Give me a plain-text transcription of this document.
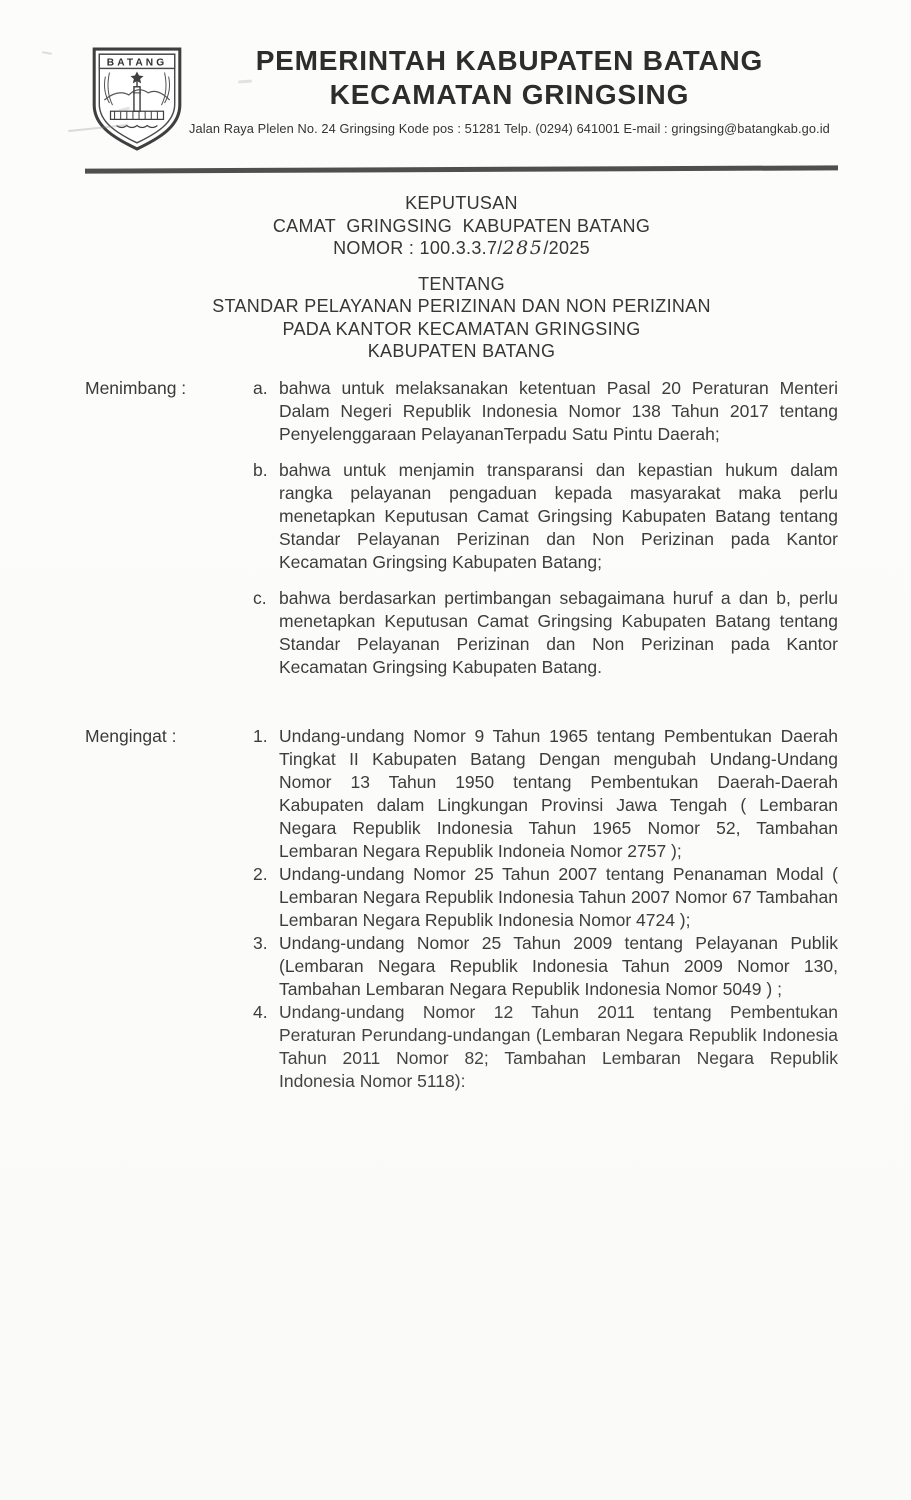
BATANG	PEMERINTAH KABUPATEN BATANG
KECAMATAN GRINGSING
Jalan Raya Plelen No. 24 Gringsing Kode pos : 51281 Telp. (0294) 641001 E-mail : gringsing@batangkab.go.id
KEPUTUSAN
CAMAT  GRINGSING  KABUPATEN BATANG
NOMOR : 100.3.3.7/285/2025
TENTANG
STANDAR PELAYANAN PERIZINAN DAN NON PERIZINAN
PADA KANTOR KECAMATAN GRINGSING
KABUPATEN BATANG
Menimbang :	a. bahwa untuk melaksanakan ketentuan Pasal 20 Peraturan Menteri Dalam Negeri Republik Indonesia Nomor 138 Tahun 2017 tentang Penyelenggaraan PelayananTerpadu Satu Pintu Daerah;
b. bahwa untuk menjamin transparansi dan kepastian hukum dalam rangka pelayanan pengaduan kepada masyarakat maka perlu menetapkan Keputusan Camat Gringsing Kabupaten Batang tentang Standar Pelayanan Perizinan dan Non Perizinan pada Kantor Kecamatan Gringsing Kabupaten Batang;
c. bahwa berdasarkan pertimbangan sebagaimana huruf a dan b, perlu menetapkan Keputusan Camat Gringsing Kabupaten Batang tentang Standar Pelayanan Perizinan dan Non Perizinan pada Kantor Kecamatan Gringsing Kabupaten Batang.
Mengingat :	1. Undang-undang Nomor 9 Tahun 1965 tentang Pembentukan Daerah Tingkat II Kabupaten Batang Dengan mengubah Undang-Undang Nomor 13 Tahun 1950 tentang Pembentukan Daerah-Daerah Kabupaten dalam Lingkungan Provinsi Jawa Tengah ( Lembaran Negara Republik Indonesia Tahun 1965 Nomor 52, Tambahan Lembaran Negara Republik Indoneia Nomor 2757 );
2. Undang-undang Nomor 25 Tahun 2007 tentang Penanaman Modal ( Lembaran Negara Republik Indonesia Tahun 2007 Nomor 67 Tambahan Lembaran Negara Republik Indonesia Nomor 4724 );
3. Undang-undang Nomor 25 Tahun 2009 tentang Pelayanan Publik (Lembaran Negara Republik Indonesia Tahun 2009 Nomor 130, Tambahan Lembaran Negara Republik Indonesia Nomor 5049 ) ;
4. Undang-undang Nomor 12 Tahun 2011 tentang Pembentukan Peraturan Perundang-undangan (Lembaran Negara Republik Indonesia Tahun 2011 Nomor 82; Tambahan Lembaran Negara Republik Indonesia Nomor 5118):
